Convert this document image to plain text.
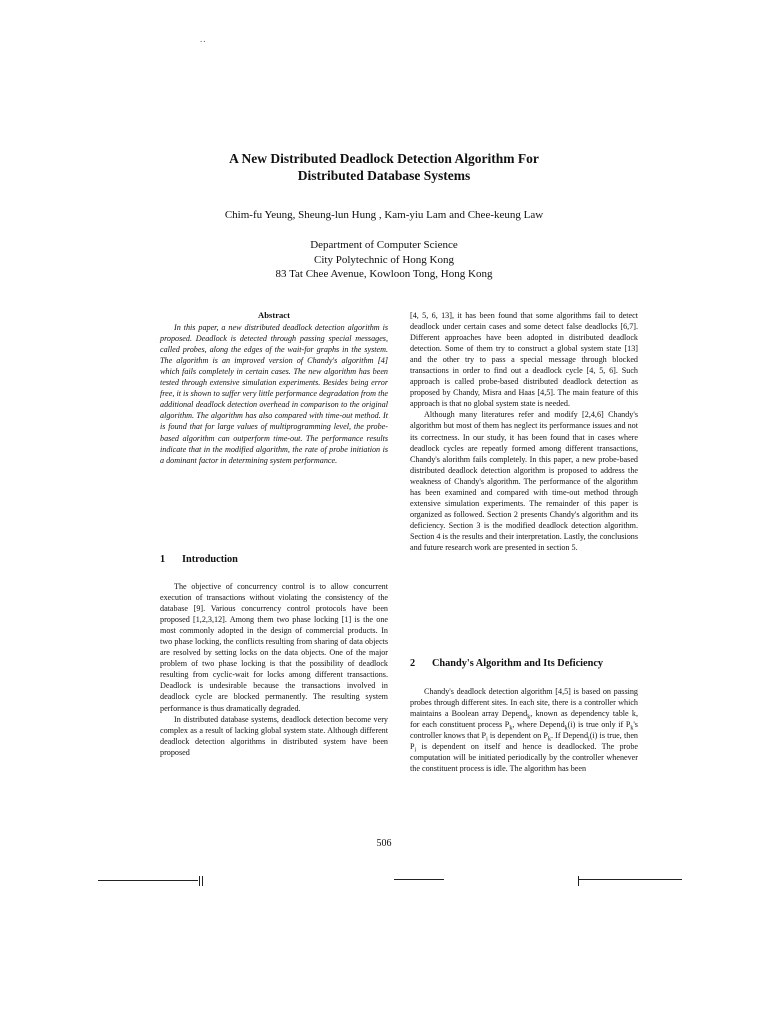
..
A New Distributed Deadlock Detection Algorithm For
Distributed Database Systems
Chim-fu Yeung, Sheung-lun Hung , Kam-yiu Lam and Chee-keung Law
Department of Computer Science
City Polytechnic of Hong Kong
83 Tat Chee Avenue, Kowloon Tong, Hong Kong
Abstract

In this paper, a new distributed deadlock detection algorithm is proposed. Deadlock is detected through passing special messages, called probes, along the edges of the wait-for graphs in the system. The algorithm is an improved version of Chandy's algorithm [4] which fails completely in certain cases. The new algorithm has been tested through extensive simulation experiments. Besides being error free, it is shown to suffer very little performance degradation from the additional deadlock detection overhead in comparison to the original algorithm. The algorithm has also compared with time-out method. It is found that for large values of multiprogramming level, the probe-based algorithm can outperform time-out. The performance results indicate that in the modified algorithm, the rate of probe initiation is a dominant factor in determining system performance.

1 Introduction

The objective of concurrency control is to allow concurrent execution of transactions without violating the consistency of the database [9]. Various concurrency control protocols have been proposed [1,2,3,12]. Among them two phase locking [1] is the one most commonly adopted in the design of commercial products. In two phase locking, the conflicts resulting from sharing of data objects are resolved by setting locks on the data objects. One of the major problem of two phase locking is that the possibility of deadlock resulting from cyclic-wait for locks among different transactions. Deadlock is undesirable because the transactions involved in deadlock cycle are blocked permanently. The resulting system performance is thus dramatically degraded.

In distributed database systems, deadlock detection become very complex as a result of lacking global system state. Although different deadlock detection algorithms in distributed system have been proposed

[4, 5, 6, 13], it has been found that some algorithms fail to detect deadlock under certain cases and some detect false deadlocks [6,7]. Different approaches have been adopted in distributed deadlock detection. Some of them try to construct a global system state [13] and the other try to pass a special message through blocked transactions in order to find out a deadlock cycle [4, 5, 6]. Such approach is called probe-based distributed deadlock detection as proposed by Chandy, Misra and Haas [4,5]. The main feature of this approach is that no global system state is needed.

Although many literatures refer and modify [2,4,6] Chandy's algorithm but most of them has neglect its performance issues and not its correctness. In our study, it has been found that in cases where deadlock cycles are repeatly formed among different transactions, Chandy's alorithm fails completely. In this paper, a new probe-based distributed deadlock detection algorithm is proposed to address the weakness of Chandy's algorithm. The performance of the algorithm has been examined and compared with time-out method through extensive simulation experiments. The remainder of this paper is organized as followed. Section 2 presents Chandy's algorithm and its deficiency. Section 3 is the modified deadlock detection algorithm. Section 4 is the results and their interpretation. Lastly, the conclusions and future research work are presented in section 5.

2 Chandy's Algorithm and Its Deficiency

Chandy's deadlock detection algorithm [4,5] is based on passing probes through different sites. In each site, there is a controller which maintains a Boolean array Depend$_k$, known as dependency table k, for each constituent process $P_k$, where Depend$_k$(i) is true only if $P_k's$ controller knows that $P_i$ is dependent on $P_k$. If Depend$_i$(i) is true, then $P_i$ is dependent on itself and hence is deadlocked. The probe computation will be initiated periodically by the controller whenever the constituent process is idle. The algorithm has been

506
